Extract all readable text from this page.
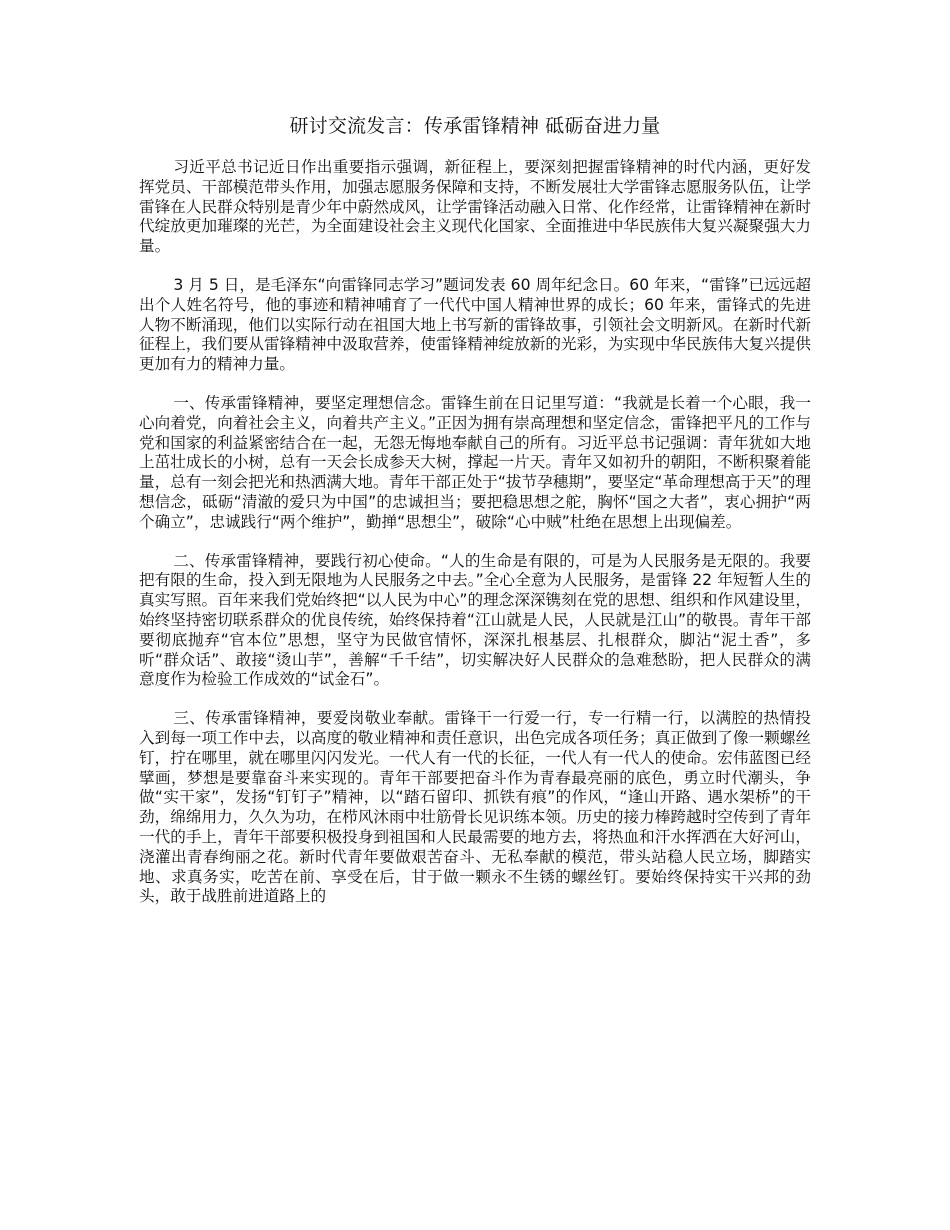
研讨交流发言：传承雷锋精神 砥砺奋进力量

习近平总书记近日作出重要指示强调，新征程上，要深刻把握雷锋精神的时代内涵，更好发挥党员、干部模范带头作用，加强志愿服务保障和支持，不断发展壮大学雷锋志愿服务队伍，让学雷锋在人民群众特别是青少年中蔚然成风，让学雷锋活动融入日常、化作经常，让雷锋精神在新时代绽放更加璀璨的光芒，为全面建设社会主义现代化国家、全面推进中华民族伟大复兴凝聚强大力量。

3 月 5 日，是毛泽东“向雷锋同志学习”题词发表 60 周年纪念日。60 年来，“雷锋”已远远超出个人姓名符号，他的事迹和精神哺育了一代代中国人精神世界的成长；60 年来，雷锋式的先进人物不断涌现，他们以实际行动在祖国大地上书写新的雷锋故事，引领社会文明新风。在新时代新征程上，我们要从雷锋精神中汲取营养，使雷锋精神绽放新的光彩，为实现中华民族伟大复兴提供更加有力的精神力量。

一、传承雷锋精神，要坚定理想信念。雷锋生前在日记里写道：“我就是长着一个心眼，我一心向着党，向着社会主义，向着共产主义。”正因为拥有崇高理想和坚定信念，雷锋把平凡的工作与党和国家的利益紧密结合在一起，无怨无悔地奉献自己的所有。习近平总书记强调：青年犹如大地上茁壮成长的小树，总有一天会长成参天大树，撑起一片天。青年又如初升的朝阳，不断积聚着能量，总有一刻会把光和热洒满大地。青年干部正处于“拔节孕穗期”，要坚定“革命理想高于天”的理想信念，砥砺“清澈的爱只为中国”的忠诚担当；要把稳思想之舵，胸怀“国之大者”，衷心拥护“两个确立”，忠诚践行“两个维护”，勤掸“思想尘”，破除“心中贼”杜绝在思想上出现偏差。

二、传承雷锋精神，要践行初心使命。“人的生命是有限的，可是为人民服务是无限的。我要把有限的生命，投入到无限地为人民服务之中去。”全心全意为人民服务，是雷锋 22 年短暂人生的真实写照。百年来我们党始终把“以人民为中心”的理念深深镌刻在党的思想、组织和作风建设里，始终坚持密切联系群众的优良传统，始终保持着“江山就是人民，人民就是江山”的敬畏。青年干部要彻底抛弃“官本位”思想，坚守为民做官情怀，深深扎根基层、扎根群众，脚沾“泥土香”，多听“群众话”、敢接“烫山芋”，善解“千千结”，切实解决好人民群众的急难愁盼，把人民群众的满意度作为检验工作成效的“试金石”。

三、传承雷锋精神，要爱岗敬业奉献。雷锋干一行爱一行，专一行精一行，以满腔的热情投入到每一项工作中去，以高度的敬业精神和责任意识，出色完成各项任务；真正做到了像一颗螺丝钉，拧在哪里，就在哪里闪闪发光。一代人有一代的长征，一代人有一代人的使命。宏伟蓝图已经擘画，梦想是要靠奋斗来实现的。青年干部要把奋斗作为青春最亮丽的底色，勇立时代潮头，争做“实干家”，发扬“钉钉子”精神，以“踏石留印、抓铁有痕”的作风，“逢山开路、遇水架桥”的干劲，绵绵用力，久久为功，在栉风沐雨中壮筋骨长见识练本领。历史的接力棒跨越时空传到了青年一代的手上，青年干部要积极投身到祖国和人民最需要的地方去，将热血和汗水挥洒在大好河山，浇灌出青春绚丽之花。新时代青年要做艰苦奋斗、无私奉献的模范，带头站稳人民立场，脚踏实地、求真务实，吃苦在前、享受在后，甘于做一颗永不生锈的螺丝钉。要始终保持实干兴邦的劲头，敢于战胜前进道路上的
